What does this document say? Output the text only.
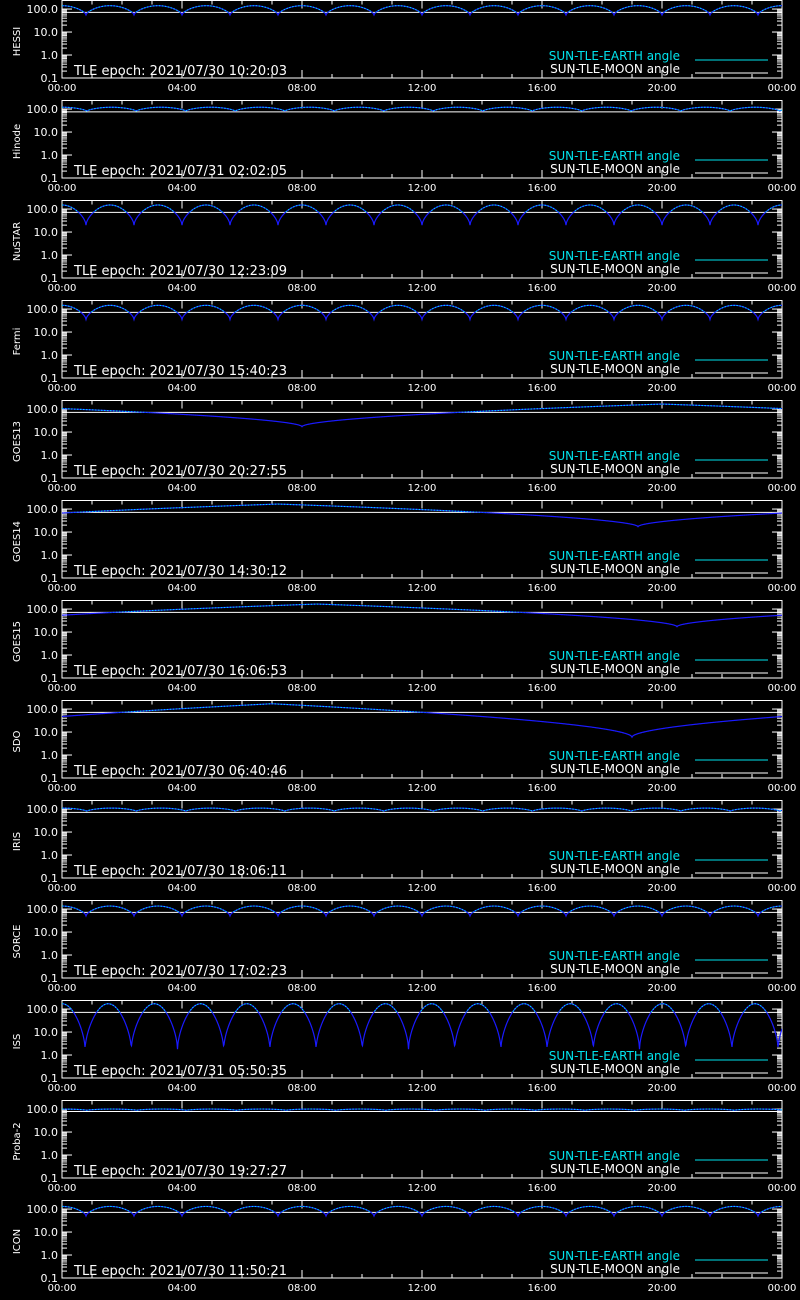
0.1
1.0
10.0
100.0
00:00	04:00	08:00	12:00	16:00	20:00	00:00
HESSI	SUN-TLE-EARTH angle
SUN-TLE-MOON angle
TLE epoch: 2021/07/30 10:20:03
0.1
1.0
10.0
100.0
00:00	04:00	08:00	12:00	16:00	20:00	00:00
Hinode	SUN-TLE-EARTH angle
SUN-TLE-MOON angle
TLE epoch: 2021/07/31 02:02:05
0.1
1.0
10.0
100.0
00:00	04:00	08:00	12:00	16:00	20:00	00:00
NuSTAR	SUN-TLE-EARTH angle
SUN-TLE-MOON angle
TLE epoch: 2021/07/30 12:23:09
0.1
1.0
10.0
100.0
00:00	04:00	08:00	12:00	16:00	20:00	00:00
Fermi
SUN-TLE-EARTH angle
SUN-TLE-MOON angle
TLE epoch: 2021/07/30 15:40:23
0.1
1.0
10.0
100.0
00:00	04:00	08:00	12:00	16:00	20:00	00:00
GOES13	SUN-TLE-EARTH angle
SUN-TLE-MOON angle
TLE epoch: 2021/07/30 20:27:55
0.1
1.0
10.0
100.0
00:00	04:00	08:00	12:00	16:00	20:00	00:00
GOES14	SUN-TLE-EARTH angle
SUN-TLE-MOON angle
TLE epoch: 2021/07/30 14:30:12
0.1
1.0
10.0
100.0
00:00	04:00	08:00	12:00	16:00	20:00	00:00
GOES15	SUN-TLE-EARTH angle
SUN-TLE-MOON angle
TLE epoch: 2021/07/30 16:06:53
0.1
1.0
10.0
100.0
00:00	04:00	08:00	12:00	16:00	20:00	00:00
SDO
SUN-TLE-EARTH angle
SUN-TLE-MOON angle
TLE epoch: 2021/07/30 06:40:46
0.1
1.0
10.0
100.0
00:00	04:00	08:00	12:00	16:00	20:00	00:00
IRIS
SUN-TLE-EARTH angle
SUN-TLE-MOON angle
TLE epoch: 2021/07/30 18:06:11
0.1
1.0
10.0
100.0
00:00	04:00	08:00	12:00	16:00	20:00	00:00
SORCE	SUN-TLE-EARTH angle
SUN-TLE-MOON angle
TLE epoch: 2021/07/30 17:02:23
0.1
1.0
10.0
100.0
00:00	04:00	08:00	12:00	16:00	20:00	00:00
ISS
SUN-TLE-EARTH angle
SUN-TLE-MOON angle
TLE epoch: 2021/07/31 05:50:35
0.1
1.0
10.0
100.0
00:00	04:00	08:00	12:00	16:00	20:00	00:00
Proba-2	SUN-TLE-EARTH angle
SUN-TLE-MOON angle
TLE epoch: 2021/07/30 19:27:27
0.1
1.0
10.0
100.0
00:00	04:00	08:00	12:00	16:00	20:00	00:00
ICON
SUN-TLE-EARTH angle
SUN-TLE-MOON angle
TLE epoch: 2021/07/30 11:50:21
